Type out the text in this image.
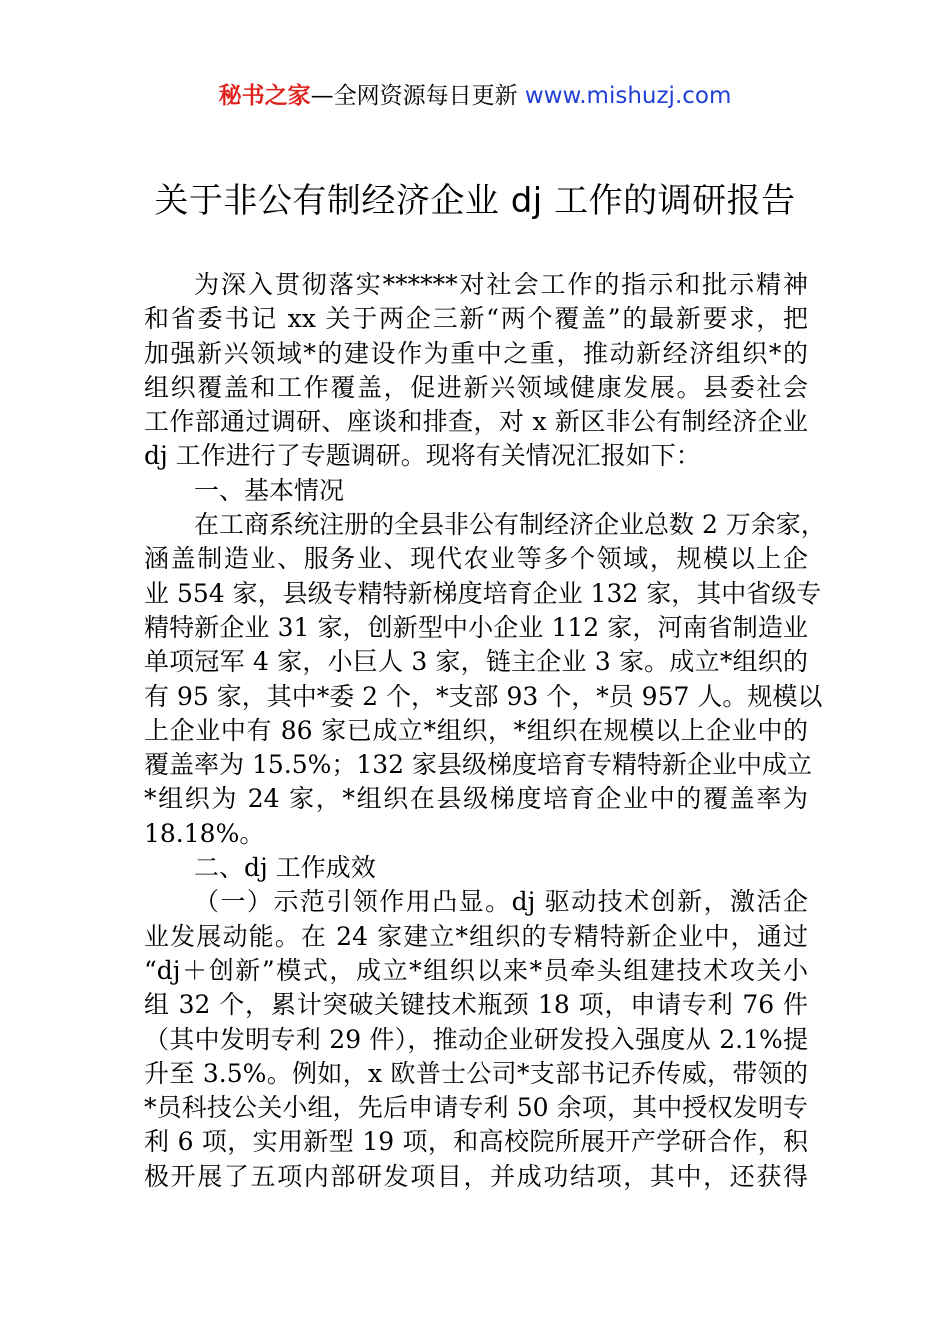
秘书之家—全网资源每日更新 www.mishuzj.com
关于非公有制经济企业 dj 工作的调研报告
为深入贯彻落实******对社会工作的指示和批示精神
和省委书记 xx 关于两企三新“两个覆盖”的最新要求，把
加强新兴领域*的建设作为重中之重，推动新经济组织*的
组织覆盖和工作覆盖，促进新兴领域健康发展。县委社会
工作部通过调研、座谈和排查，对 x 新区非公有制经济企业
dj 工作进行了专题调研。现将有关情况汇报如下：
一、基本情况
在工商系统注册的全县非公有制经济企业总数 2 万余家，
涵盖制造业、服务业、现代农业等多个领域，规模以上企
业 554 家，县级专精特新梯度培育企业 132 家，其中省级专
精特新企业 31 家，创新型中小企业 112 家，河南省制造业
单项冠军 4 家，小巨人 3 家，链主企业 3 家。成立*组织的
有 95 家，其中*委 2 个，*支部 93 个，*员 957 人。规模以
上企业中有 86 家已成立*组织，*组织在规模以上企业中的
覆盖率为 15.5%；132 家县级梯度培育专精特新企业中成立
*组织为 24 家，*组织在县级梯度培育企业中的覆盖率为
18.18%。
二、dj 工作成效
（一）示范引领作用凸显。dj 驱动技术创新，激活企
业发展动能。在 24 家建立*组织的专精特新企业中，通过
“dj＋创新”模式，成立*组织以来*员牵头组建技术攻关小
组 32 个，累计突破关键技术瓶颈 18 项，申请专利 76 件
（其中发明专利 29 件），推动企业研发投入强度从 2.1%提
升至 3.5%。例如，x 欧普士公司*支部书记乔传威，带领的
*员科技公关小组，先后申请专利 50 余项，其中授权发明专
利 6 项，实用新型 19 项，和高校院所展开产学研合作，积
极开展了五项内部研发项目，并成功结项，其中，还获得
